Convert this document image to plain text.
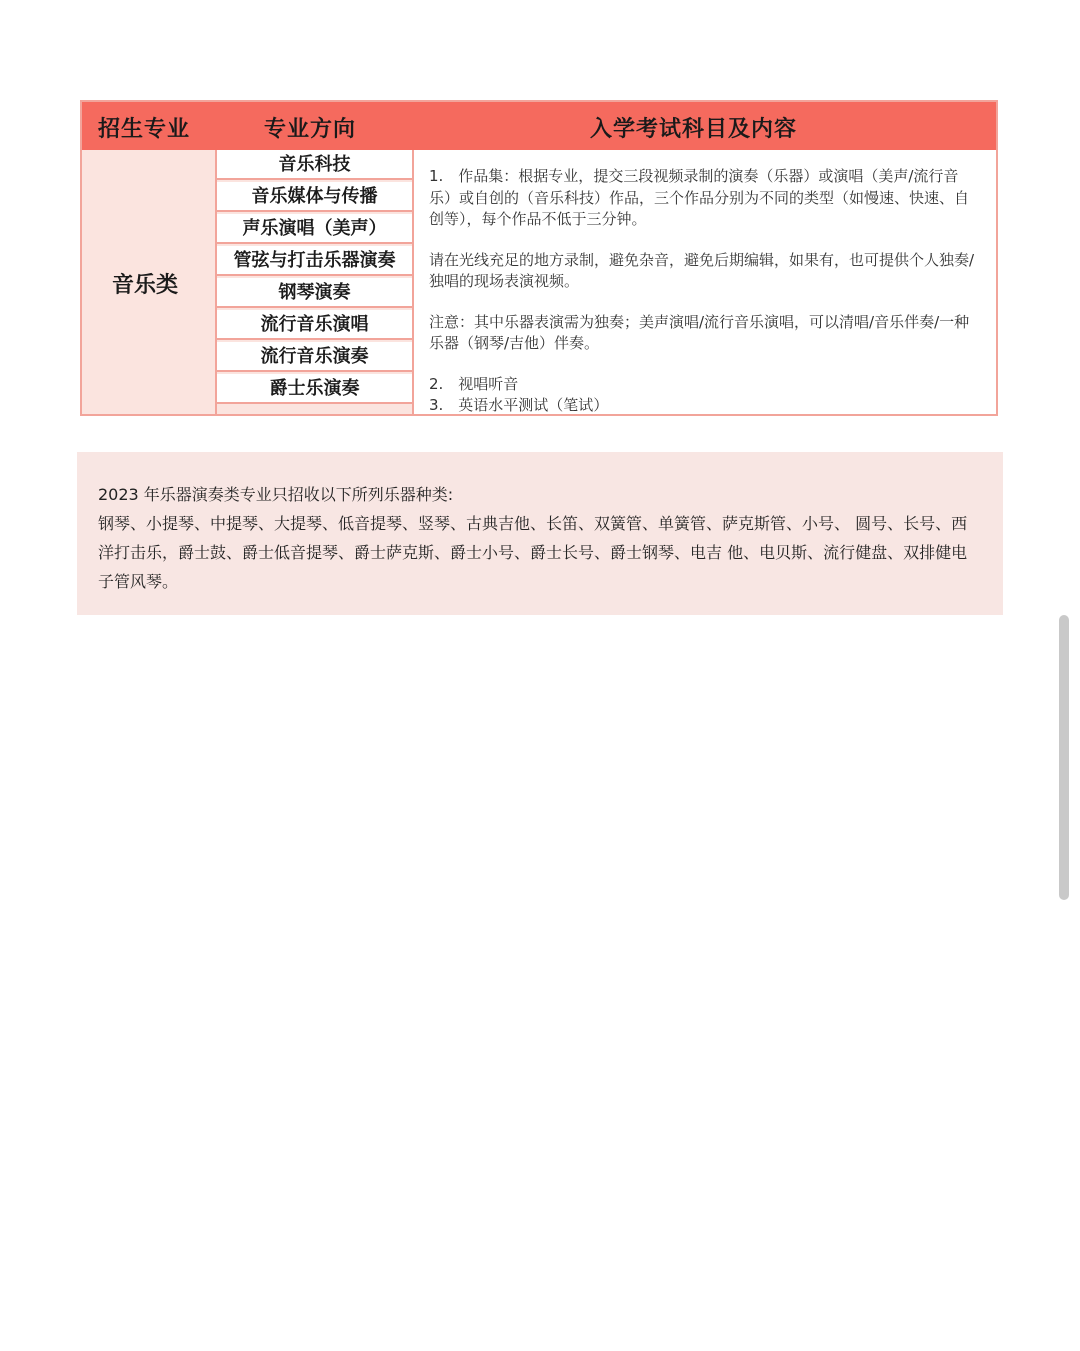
招生专业	专业方向	入学考试科目及内容
音乐类
音乐科技
音乐媒体与传播
声乐演唱（美声）
管弦与打击乐器演奏
钢琴演奏
流行音乐演唱
流行音乐演奏
爵士乐演奏

1.　作品集：根据专业，提交三段视频录制的演奏（乐器）或演唱（美声/流行音乐）或自创的（音乐科技）作品，三个作品分别为不同的类型（如慢速、快速、自创等），每个作品不低于三分钟。

请在光线充足的地方录制，避免杂音，避免后期编辑，如果有，也可提供个人独奏/独唱的现场表演视频。

注意：其中乐器表演需为独奏；美声演唱/流行音乐演唱，可以清唱/音乐伴奏/一种乐器（钢琴/吉他）伴奏。

2.　视唱听音

3.　英语水平测试（笔试）

2023 年乐器演奏类专业只招收以下所列乐器种类:

钢琴、小提琴、中提琴、大提琴、低音提琴、竖琴、古典吉他、长笛、双簧管、单簧管、萨克斯管、小号、 圆号、长号、西洋打击乐，爵士鼓、爵士低音提琴、爵士萨克斯、爵士小号、爵士长号、爵士钢琴、电吉 他、电贝斯、流行健盘、双排健电子管风琴。
